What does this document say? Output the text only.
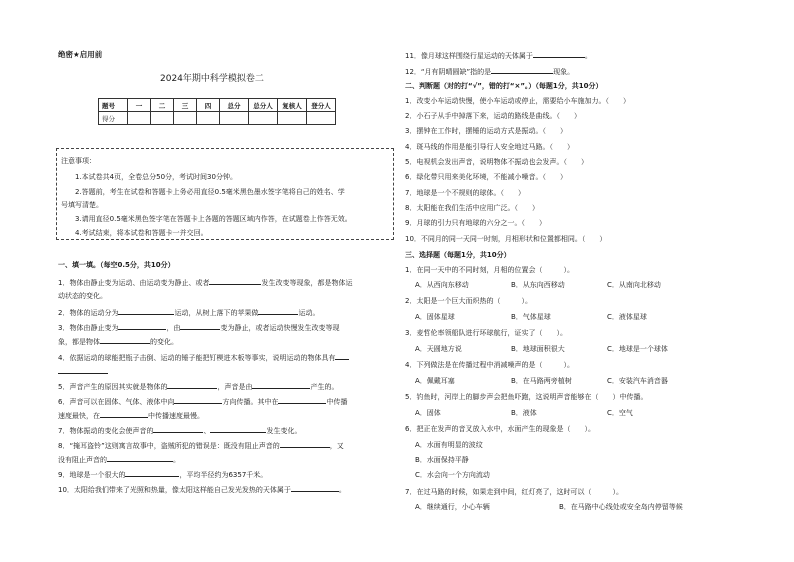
绝密★启用前
2024年期中科学模拟卷二
题号	一	二	三	四	总分	总分人	复核人	登分人
得分								
注意事项：
1.本试卷共4页，全卷总分50分，考试时间30分钟。
2.答题前，考生在试卷和答题卡上务必用直径0.5毫米黑色墨水签字笔将自己的姓名、学
号填写清楚。
3.请用直径0.5毫米黑色签字笔在答题卡上各题的答题区域内作答，在试题卷上作答无效。
4.考试结束，将本试卷和答题卡一并交回。
一、填一填。（每空0.5分，共10分）
1．物体由静止变为运动、由运动变为静止、或者	发生改变等现象，都是物体运
动状态的变化。
2．物体的运动分为	运动，从树上落下的苹果做	运动。
3．物体由静止变为	，由	变为静止，或者运动快慢发生改变等现
象，都是物体	的变化。
4．依据运动的球能把瓶子击倒、运动的锤子能把钉楔进木板等事实，说明运动的物体具有
5．声音产生的原因其实就是物体的	，声音是由	产生的。
6．声音可以在固体、气体、液体中向	方向传播。其中在	中传播
速度最快，在	中传播速度最慢。
7．物体振动的变化会使声音的	、	发生变化。
8．“掩耳盗铃”这则寓言故事中，盗贼所犯的错误是：既没有阻止声音的	，又
没有阻止声音的	。
9．地球是一个很大的	，平均半径约为6357千米。
10．太阳给我们带来了光照和热量，像太阳这样能自己发光发热的天体属于	。
11．像月球这样围绕行星运动的天体属于	。
12．“月有阴晴圆缺”指的是	现象。
二、判断题（对的打“√”，错的打“×”。）（每题1分，共10分）
1．改变小车运动快慢，使小车运动或停止，需要给小车施加力。（　　）
2．小石子从手中掉落下来，运动的路线是曲线。（　　）
3．摆钟在工作时，摆锤的运动方式是振动。（　　）
4．斑马线的作用是能引导行人安全地过马路。（　　）
5．电视机会发出声音，说明物体不振动也会发声。（　　）
6．绿化带只用来美化环境，不能减小噪音。（　　）
7．地球是一个不规则的球体。（　　）
8．太阳能在我们生活中应用广泛。（　　）
9．月球的引力只有地球的六分之一。（　　）
10．不同月的同一天同一时刻，月相形状和位置都相同。（　　）
三、选择题（每题1分，共10分）
1．在同一天中的不同时刻，月相的位置会（　　　）。
A．从西向东移动	B．从东向西移动	C．从南向北移动
2．太阳是一个巨大而炽热的（　　　）。
A．固体星球	B．气体星球	C．液体星球
3．麦哲伦率领船队进行环球航行，证实了（　　）。
A．天圆地方说	B．地球面积很大	C．地球是一个球体
4．下列做法是在传播过程中消减噪声的是（　　　）。
A．佩戴耳塞	B．在马路两旁植树	C．安装汽车消音器
5．钓鱼时，河岸上的脚步声会把鱼吓跑，这说明声音能够在（　　）中传播。
A．固体	B．液体	C．空气
6．把正在发声的音叉放入水中，水面产生的现象是（　　）。
A．水面有明显的波纹
B．水面保持平静
C．水会向一个方向流动
7．在过马路的时候，如果走到中间，红灯亮了，这时可以（　　　）。
A．继续通行，小心车辆	B．在马路中心线处或安全岛内停留等候
